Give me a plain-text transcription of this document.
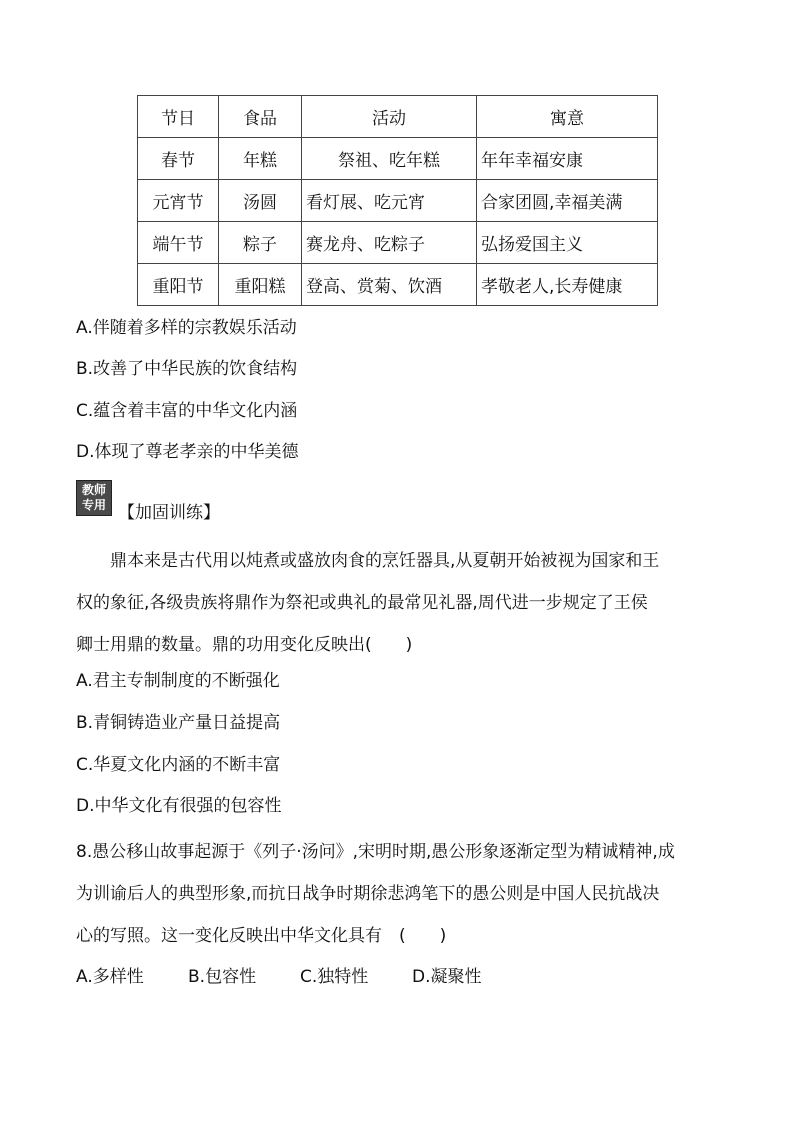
节日	食品	活动	寓意
春节	年糕	祭祖、吃年糕	年年幸福安康
元宵节	汤圆	看灯展、吃元宵	合家团圆,幸福美满
端午节	粽子	赛龙舟、吃粽子	弘扬爱国主义
重阳节	重阳糕	登高、赏菊、饮酒	孝敬老人,长寿健康
A.伴随着多样的宗教娱乐活动
B.改善了中华民族的饮食结构
C.蕴含着丰富的中华文化内涵
D.体现了尊老孝亲的中华美德
教师
专用 【加固训练】
鼎本来是古代用以炖煮或盛放肉食的烹饪器具,从夏朝开始被视为国家和王
权的象征,各级贵族将鼎作为祭祀或典礼的最常见礼器,周代进一步规定了王侯
卿士用鼎的数量。鼎的功用变化反映出(　　)
A.君主专制制度的不断强化
B.青铜铸造业产量日益提高
C.华夏文化内涵的不断丰富
D.中华文化有很强的包容性
8.愚公移山故事起源于《列子·汤问》,宋明时期,愚公形象逐渐定型为精诚精神,成
为训谕后人的典型形象,而抗日战争时期徐悲鸿笔下的愚公则是中国人民抗战决
心的写照。这一变化反映出中华文化具有　(　　)
A.多样性	B.包容性	C.独特性	D.凝聚性
